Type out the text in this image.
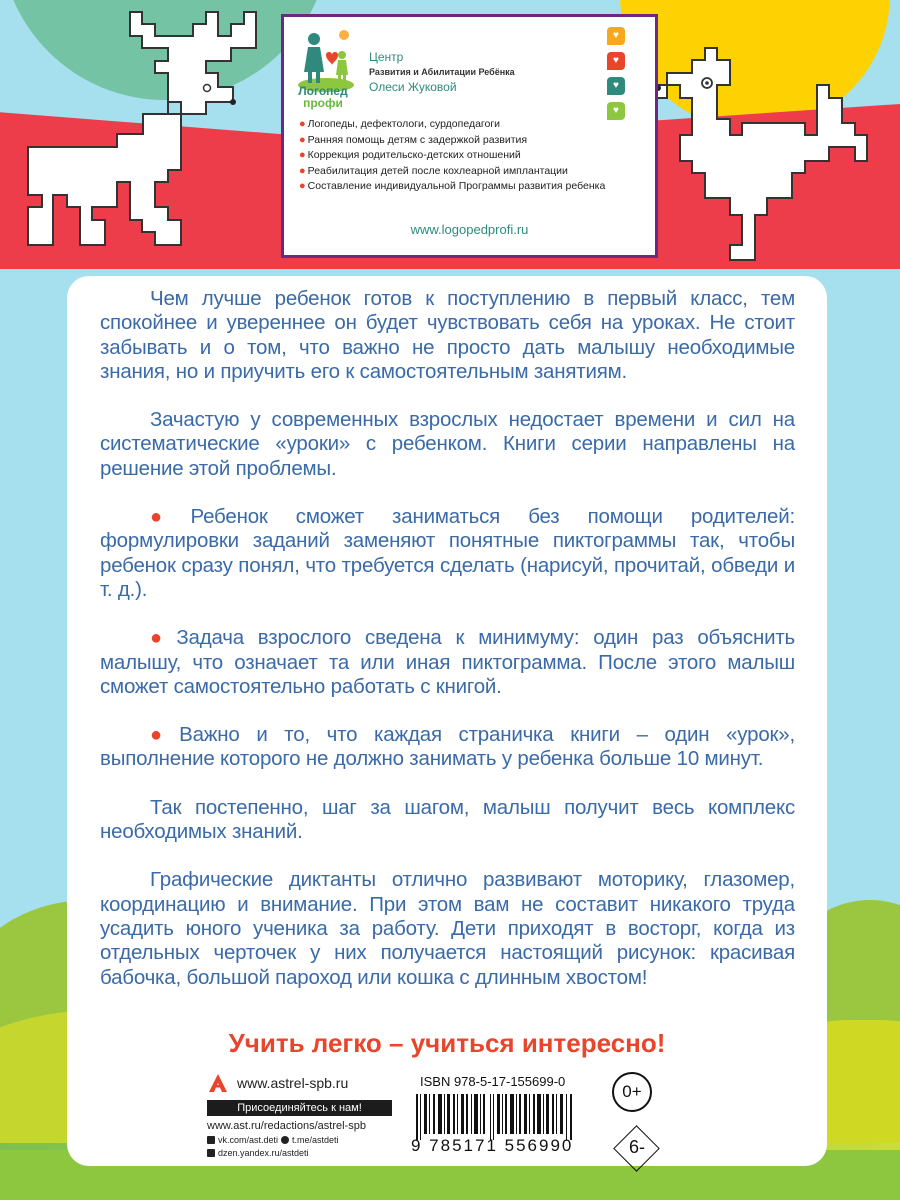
Логопед
профи
Центр
Развития и Абилитации Ребёнка
Олеси Жуковой
♥
♥
♥
♥
● Логопеды, дефектологи, сурдопедагоги
● Ранняя помощь детям с задержкой развития
● Коррекция родительско-детских отношений
● Реабилитация детей после кохлеарной имплантации
● Составление индивидуальной Программы развития ребенка
www.logopedprofi.ru

Чем лучше ребенок готов к поступлению в первый класс, тем спокойнее и увереннее он будет чувствовать себя на уроках. Не стоит забывать и о том, что важно не просто дать малышу необходимые знания, но и приучить его к самостоятельным занятиям.

Зачастую у современных взрослых недостает времени и сил на систематические «уроки» с ребенком. Книги серии направлены на решение этой проблемы.

● Ребенок сможет заниматься без помощи родителей: формулировки заданий заменяют понятные пиктограммы так, чтобы ребенок сразу понял, что требуется сделать (нарисуй, прочитай, обведи и т. д.).

● Задача взрослого сведена к минимуму: один раз объяснить малышу, что означает та или иная пиктограмма. После этого малыш сможет самостоятельно работать с книгой.

● Важно и то, что каждая страничка книги – один «урок», выполнение которого не должно занимать у ребенка больше 10 минут.

Так постепенно, шаг за шагом, малыш получит весь комплекс необходимых знаний.

Графические диктанты отлично развивают моторику, глазомер, координацию и внимание. При этом вам не составит никакого труда усадить юного ученика за работу. Дети приходят в восторг, когда из отдельных черточек у них получается настоящий рисунок: красивая бабочка, большой пароход или кошка с длинным хвостом!

Учить легко – учиться интересно!
www.astrel-spb.ru
Присоединяйтесь к нам!
www.ast.ru/redactions/astrel-spb
vk.com/ast.deti t.me/astdeti
dzen.yandex.ru/astdeti
ISBN 978-5-17-155699-0
9 785171 556990
0+
6-
